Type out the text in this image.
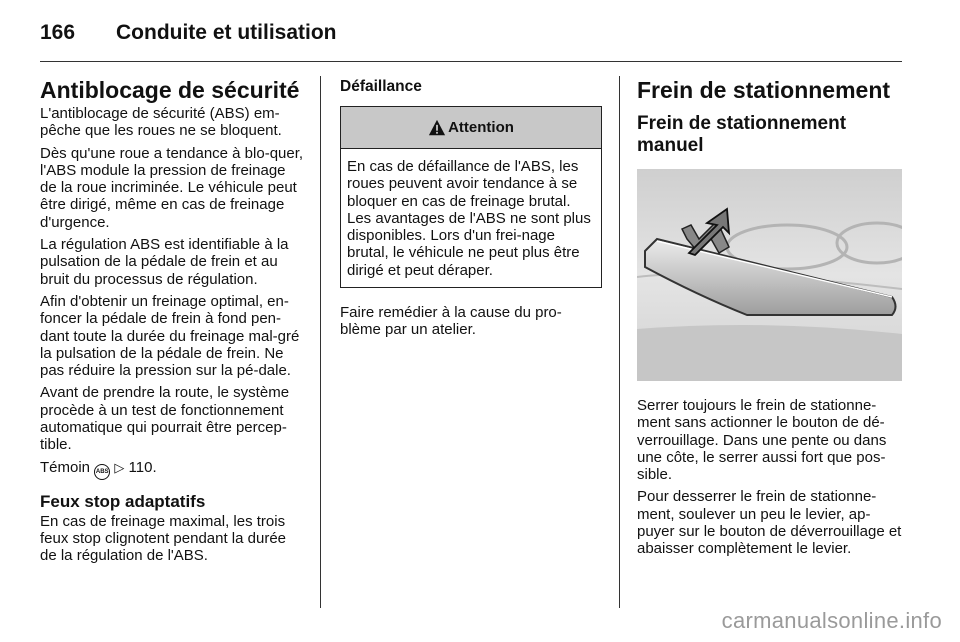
166	Conduite et utilisation
Antiblocage de sécurité

L'antiblocage de sécurité (ABS) em-pêche que les roues ne se bloquent.

Dès qu'une roue a tendance à blo-quer, l'ABS module la pression de freinage de la roue incriminée. Le véhicule peut être dirigé, même en cas de freinage d'urgence.

La régulation ABS est identifiable à la pulsation de la pédale de frein et au bruit du processus de régulation.

Afin d'obtenir un freinage optimal, en-foncer la pédale de frein à fond pen-dant toute la durée du freinage mal-gré la pulsation de la pédale de frein. Ne pas réduire la pression sur la pé-dale.

Avant de prendre la route, le système procède à un test de fonctionnement automatique qui pourrait être percep-tible.

Témoin ABS ▷ 110.

Feux stop adaptatifs

En cas de freinage maximal, les trois feux stop clignotent pendant la durée de la régulation de l'ABS.

Défaillance
Attention

En cas de défaillance de l'ABS, les roues peuvent avoir tendance à se bloquer en cas de freinage brutal. Les avantages de l'ABS ne sont plus disponibles. Lors d'un frei-nage brutal, le véhicule ne peut plus être dirigé et peut déraper.

Faire remédier à la cause du pro-blème par un atelier.

Frein de stationnement
Frein de stationnement manuel

Serrer toujours le frein de stationne-ment sans actionner le bouton de dé-verrouillage. Dans une pente ou dans une côte, le serrer aussi fort que pos-sible.

Pour desserrer le frein de stationne-ment, soulever un peu le levier, ap-puyer sur le bouton de déverrouillage et abaisser complètement le levier.

carmanualsonline.info
